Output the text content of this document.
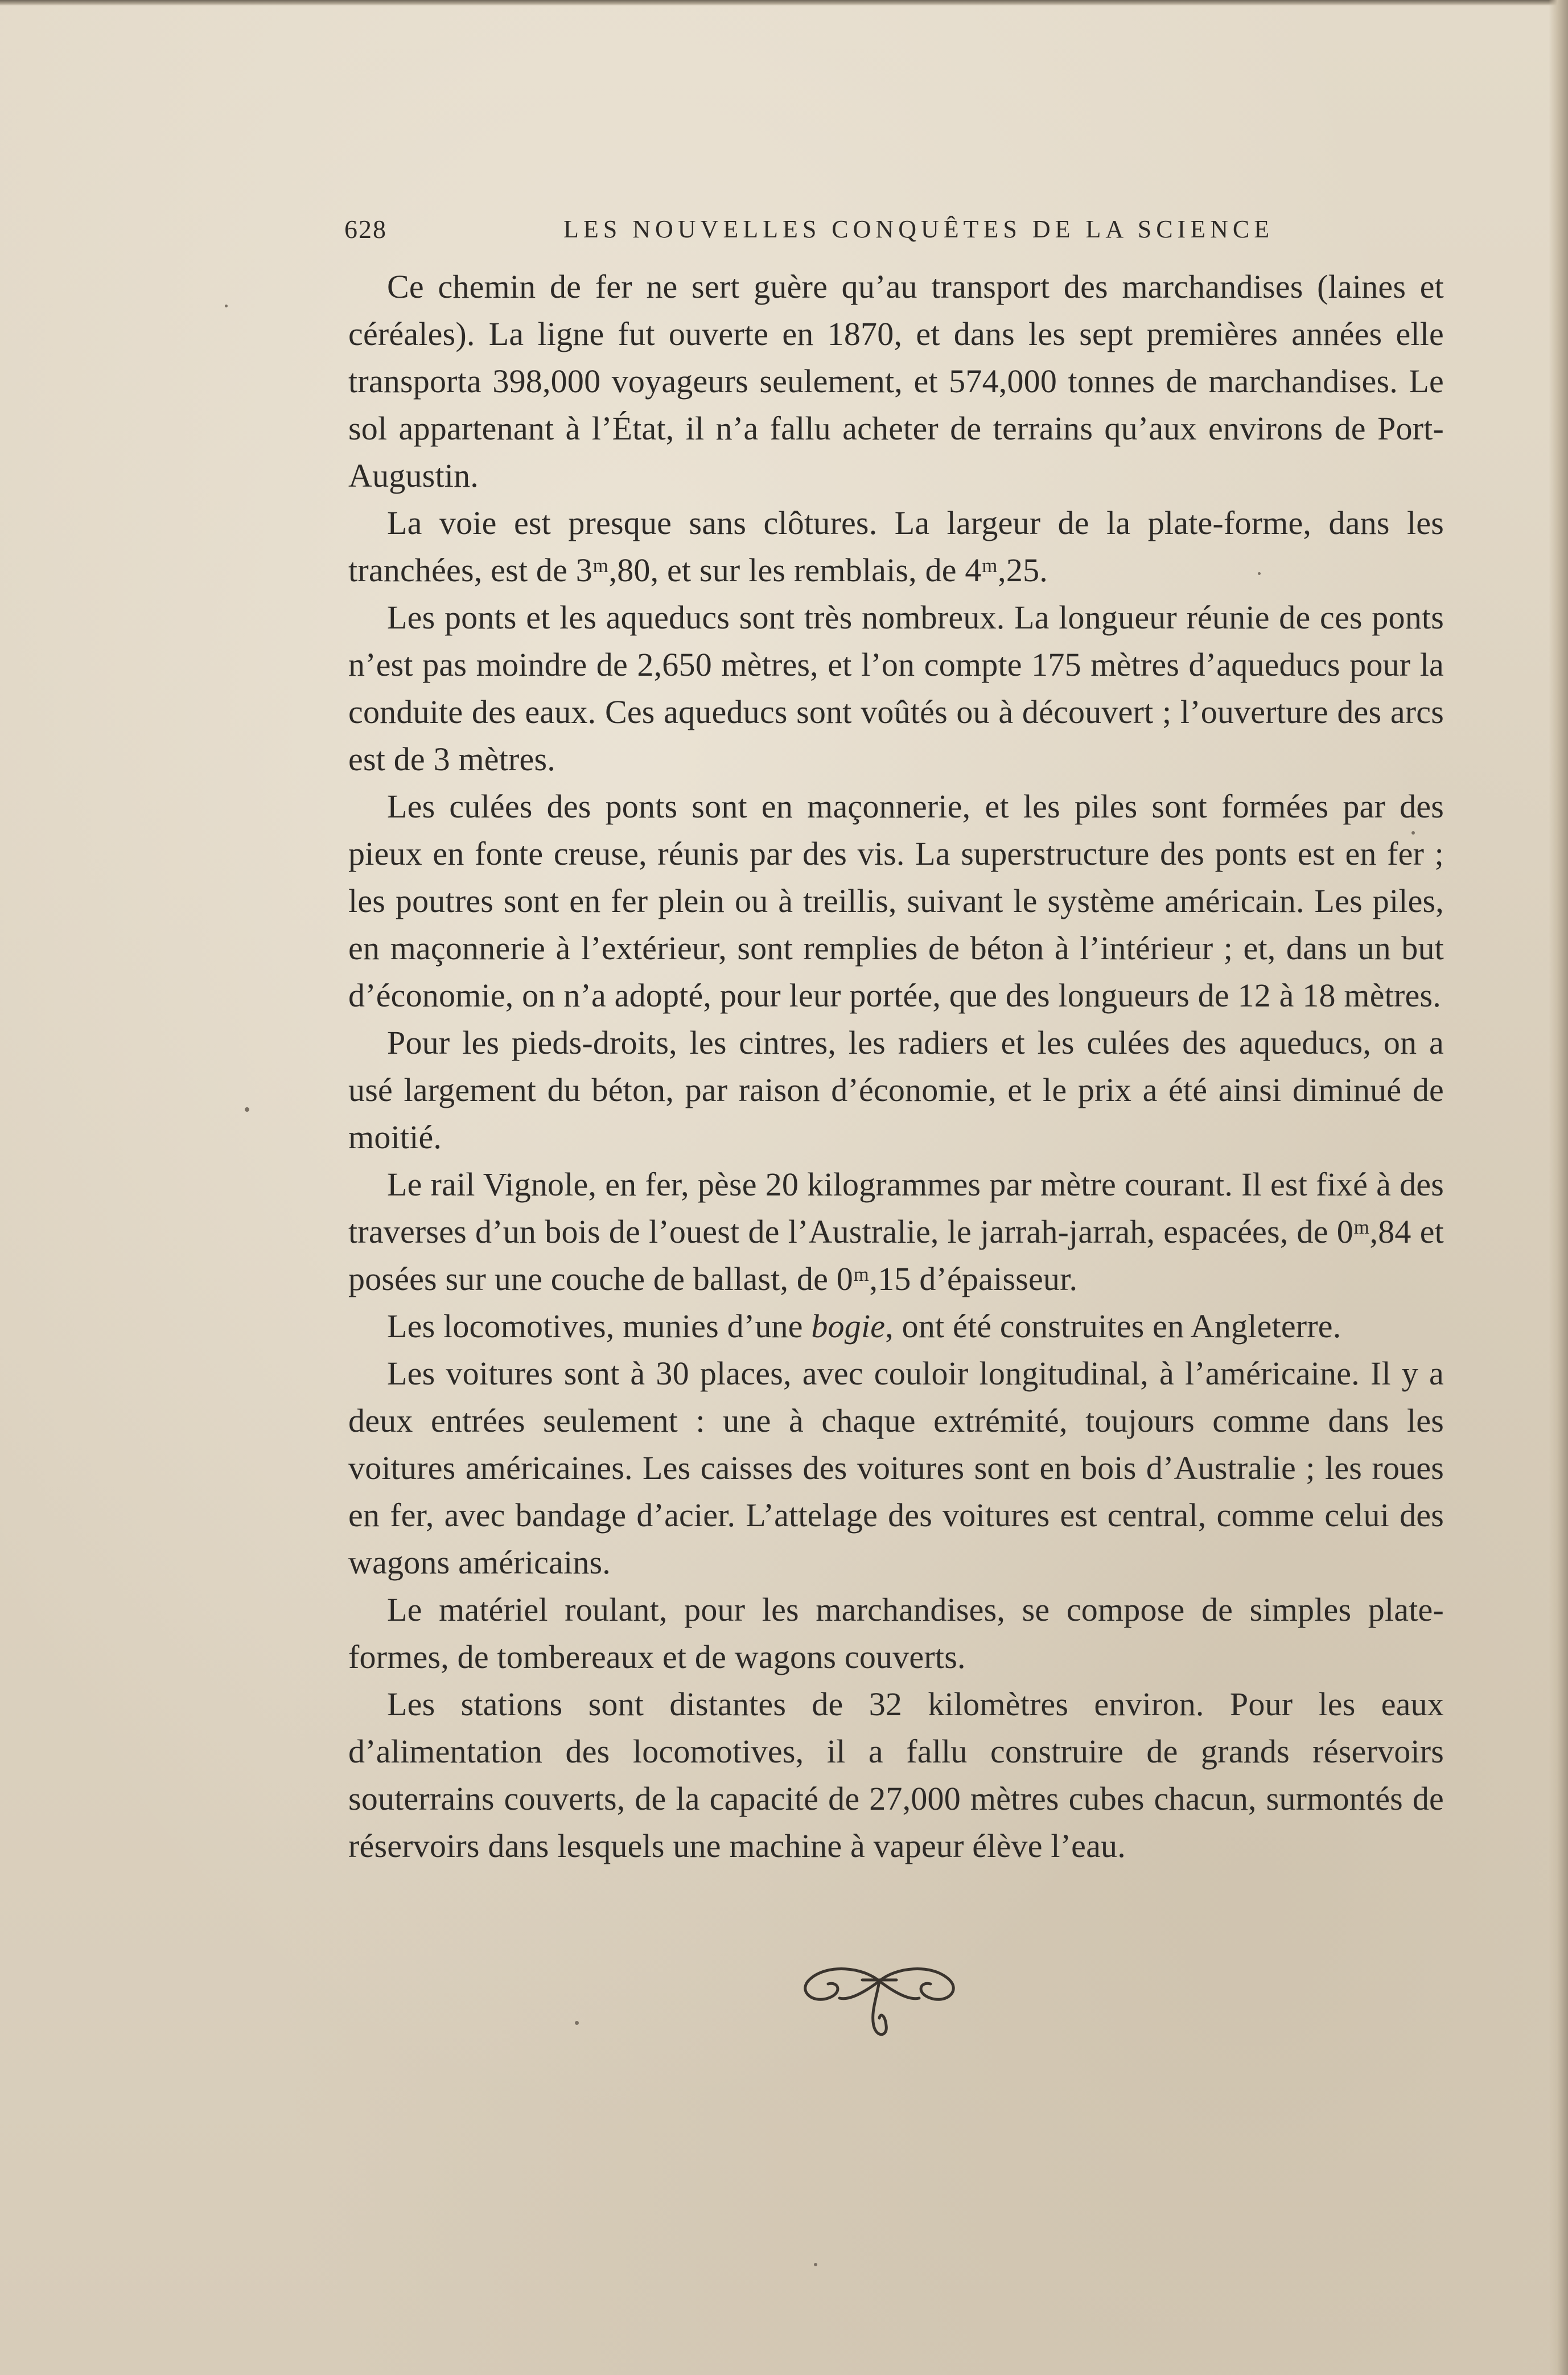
628	LES NOUVELLES CONQUÊTES DE LA SCIENCE

Ce chemin de fer ne sert guère qu’au transport des marchandises (laines et céréales). La ligne fut ouverte en 1870, et dans les sept premières années elle transporta 398,000 voyageurs seulement, et 574,000 tonnes de marchandises. Le sol appartenant à l’État, il n’a fallu acheter de terrains qu’aux environs de Port-Augustin.

La voie est presque sans clôtures. La largeur de la plate-forme, dans les tranchées, est de 3ᵐ,80, et sur les remblais, de 4ᵐ,25.

Les ponts et les aqueducs sont très nombreux. La longueur réunie de ces ponts n’est pas moindre de 2,650 mètres, et l’on compte 175 mètres d’aqueducs pour la conduite des eaux. Ces aqueducs sont voûtés ou à découvert ; l’ouverture des arcs est de 3 mètres.

Les culées des ponts sont en maçonnerie, et les piles sont formées par des pieux en fonte creuse, réunis par des vis. La superstructure des ponts est en fer ; les poutres sont en fer plein ou à treillis, suivant le système américain. Les piles, en maçonnerie à l’extérieur, sont remplies de béton à l’intérieur ; et, dans un but d’économie, on n’a adopté, pour leur portée, que des longueurs de 12 à 18 mètres.

Pour les pieds-droits, les cintres, les radiers et les culées des aqueducs, on a usé largement du béton, par raison d’économie, et le prix a été ainsi diminué de moitié.

Le rail Vignole, en fer, pèse 20 kilogrammes par mètre courant. Il est fixé à des traverses d’un bois de l’ouest de l’Australie, le jarrah-jarrah, espacées, de 0ᵐ,84 et posées sur une couche de ballast, de 0ᵐ,15 d’épaisseur.

Les locomotives, munies d’une bogie, ont été construites en Angleterre.

Les voitures sont à 30 places, avec couloir longitudinal, à l’américaine. Il y a deux entrées seulement : une à chaque extrémité, toujours comme dans les voitures américaines. Les caisses des voitures sont en bois d’Australie ; les roues en fer, avec bandage d’acier. L’attelage des voitures est central, comme celui des wagons américains.

Le matériel roulant, pour les marchandises, se compose de simples plate-formes, de tombereaux et de wagons couverts.

Les stations sont distantes de 32 kilomètres environ. Pour les eaux d’alimentation des locomotives, il a fallu construire de grands réservoirs souterrains couverts, de la capacité de 27,000 mètres cubes chacun, surmontés de réservoirs dans lesquels une machine à vapeur élève l’eau.
